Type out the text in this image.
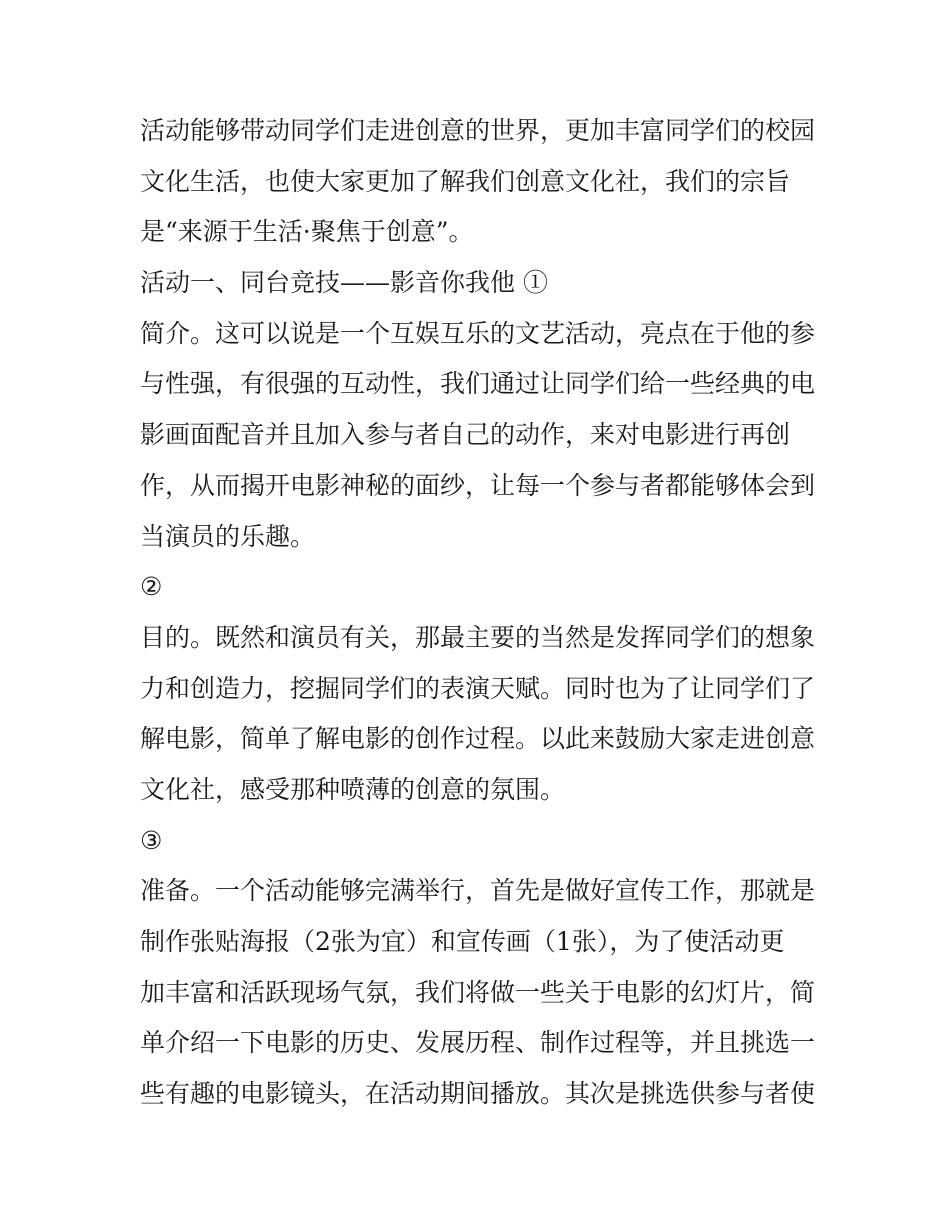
活动能够带动同学们走进创意的世界，更加丰富同学们的校园
文化生活，也使大家更加了解我们创意文化社，我们的宗旨
是“来源于生活·聚焦于创意”。
活动一、同台竞技——影音你我他 ①
简介。这可以说是一个互娱互乐的文艺活动，亮点在于他的参
与性强，有很强的互动性，我们通过让同学们给一些经典的电
影画面配音并且加入参与者自己的动作，来对电影进行再创
作，从而揭开电影神秘的面纱，让每一个参与者都能够体会到
当演员的乐趣。
②
目的。既然和演员有关，那最主要的当然是发挥同学们的想象
力和创造力，挖掘同学们的表演天赋。同时也为了让同学们了
解电影，简单了解电影的创作过程。以此来鼓励大家走进创意
文化社，感受那种喷薄的创意的氛围。
③
准备。一个活动能够完满举行，首先是做好宣传工作，那就是
制作张贴海报（2张为宜）和宣传画（1张），为了使活动更
加丰富和活跃现场气氛，我们将做一些关于电影的幻灯片，简
单介绍一下电影的历史、发展历程、制作过程等，并且挑选一
些有趣的电影镜头，在活动期间播放。其次是挑选供参与者使
